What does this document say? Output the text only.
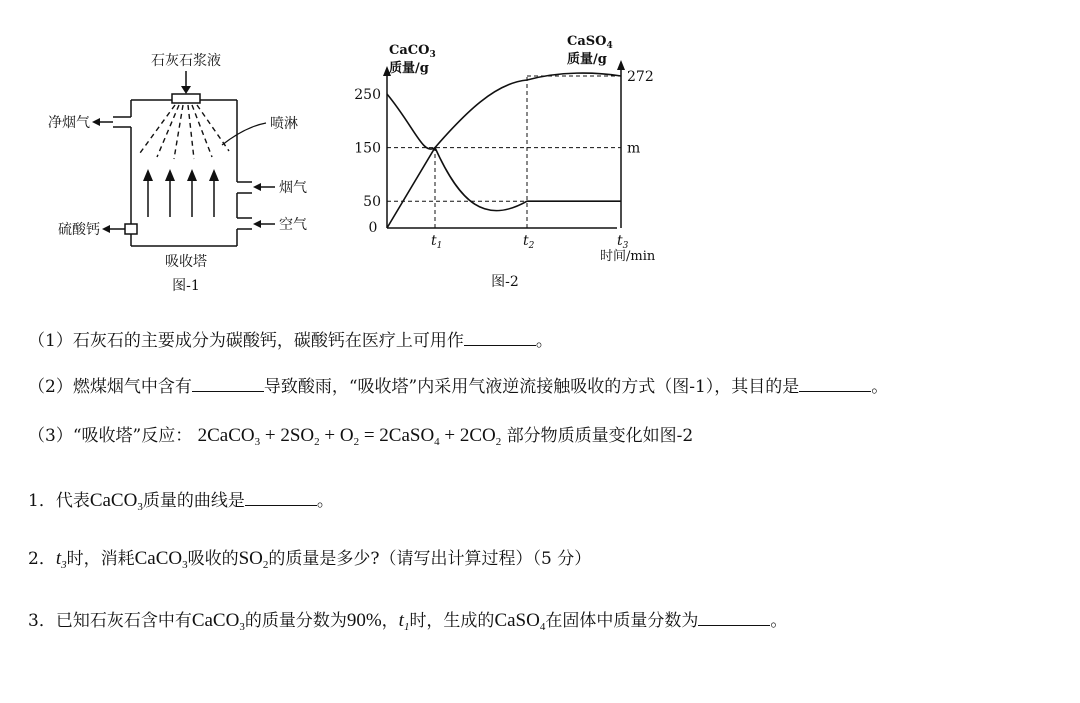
石灰石浆液
净烟气	喷淋
烟气
硫酸钙	空气
吸收塔
图-1
CaCO$_3$
质量/g
CaSO$_4$
质量/g
250
150
50
272
m
$t_1$	$t_2$	$t_3$
0
时间/min
图-2
（1）石灰石的主要成分为碳酸钙，碳酸钙在医疗上可用作	。
（2）燃煤烟气中含有	导致酸雨，“吸收塔”内采用气液逆流接触吸收的方式（图-1），其目的是	。
（3）“吸收塔”反应： 2CaCO$_3$ + $2SO_2 + O_2$ = 2CaSO$_4$ + $2CO_2$ 部分物质质量变化如图-2
1．代表CaCO$_3$质量的曲线是	。
2．$t_3$时，消耗CaCO$_3$吸收的$SO_2$的质量是多少?（请写出计算过程）（5 分）
3．已知石灰石含中有CaCO$_3$的质量分数为90%，$t_1$时，生成的CaSO$_4$在固体中质量分数为	。
